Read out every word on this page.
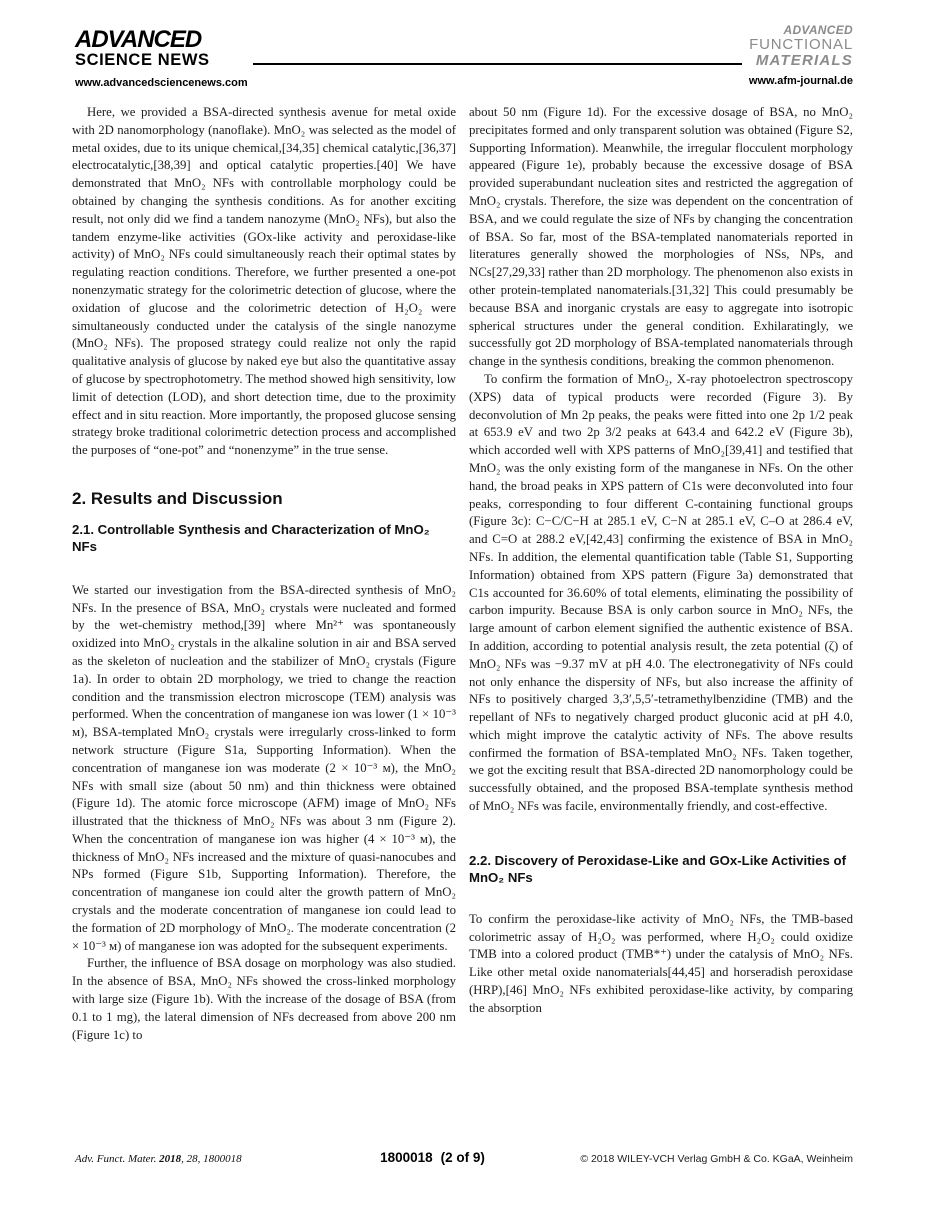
ADVANCED
SCIENCE NEWS
www.advancedsciencenews.com
ADVANCED
FUNCTIONAL
MATERIALS
www.afm-journal.de

Here, we provided a BSA-directed synthesis avenue for metal oxide with 2D nanomorphology (nanoflake). MnO₂ was selected as the model of metal oxides, due to its unique chemical,[34,35] chemical catalytic,[36,37] electrocatalytic,[38,39] and optical catalytic properties.[40] We have demonstrated that MnO₂ NFs with controllable morphology could be obtained by changing the synthesis conditions. As for another exciting result, not only did we find a tandem nanozyme (MnO₂ NFs), but also the tandem enzyme-like activities (GOx-like activity and peroxidase-like activity) of MnO₂ NFs could simultaneously reach their optimal states by regulating reaction conditions. Therefore, we further presented a one-pot nonenzymatic strategy for the colorimetric detection of glucose, where the oxidation of glucose and the colorimetric detection of H₂O₂ were simultaneously conducted under the catalysis of the single nanozyme (MnO₂ NFs). The proposed strategy could realize not only the rapid qualitative analysis of glucose by naked eye but also the quantitative assay of glucose by spectrophotometry. The method showed high sensitivity, low limit of detection (LOD), and short detection time, due to the proximity effect and in situ reaction. More importantly, the proposed glucose sensing strategy broke traditional colorimetric detection process and accomplished the purposes of “one-pot” and “nonenzyme” in the true sense.

2. Results and Discussion
2.1. Controllable Synthesis and Characterization of MnO₂ NFs

We started our investigation from the BSA-directed synthesis of MnO₂ NFs. In the presence of BSA, MnO₂ crystals were nucleated and formed by the wet-chemistry method,[39] where Mn²⁺ was spontaneously oxidized into MnO₂ crystals in the alkaline solution in air and BSA served as the skeleton of nucleation and the stabilizer of MnO₂ crystals (Figure 1a). In order to obtain 2D morphology, we tried to change the reaction condition and the transmission electron microscope (TEM) analysis was performed. When the concentration of manganese ion was lower (1 × 10⁻³ ᴍ), BSA-templated MnO₂ crystals were irregularly cross-linked to form network structure (Figure S1a, Supporting Information). When the concentration of manganese ion was moderate (2 × 10⁻³ ᴍ), the MnO₂ NFs with small size (about 50 nm) and thin thickness were obtained (Figure 1d). The atomic force microscope (AFM) image of MnO₂ NFs illustrated that the thickness of MnO₂ NFs was about 3 nm (Figure 2). When the concentration of manganese ion was higher (4 × 10⁻³ ᴍ), the thickness of MnO₂ NFs increased and the mixture of quasi-nanocubes and NPs formed (Figure S1b, Supporting Information). Therefore, the concentration of manganese ion could alter the growth pattern of MnO₂ crystals and the moderate concentration of manganese ion could lead to the formation of 2D morphology of MnO₂. The moderate concentration (2 × 10⁻³ ᴍ) of manganese ion was adopted for the subsequent experiments.

Further, the influence of BSA dosage on morphology was also studied. In the absence of BSA, MnO₂ NFs showed the cross-linked morphology with large size (Figure 1b). With the increase of the dosage of BSA (from 0.1 to 1 mg), the lateral dimension of NFs decreased from above 200 nm (Figure 1c) to

about 50 nm (Figure 1d). For the excessive dosage of BSA, no MnO₂ precipitates formed and only transparent solution was obtained (Figure S2, Supporting Information). Meanwhile, the irregular flocculent morphology appeared (Figure 1e), probably because the excessive dosage of BSA provided superabundant nucleation sites and restricted the aggregation of MnO₂ crystals. Therefore, the size was dependent on the concentration of BSA, and we could regulate the size of NFs by changing the concentration of BSA. So far, most of the BSA-templated nanomaterials reported in literatures generally showed the morphologies of NSs, NPs, and NCs[27,29,33] rather than 2D morphology. The phenomenon also exists in other protein-templated nanomaterials.[31,32] This could presumably be because BSA and inorganic crystals are easy to aggregate into isotropic spherical structures under the general condition. Exhilaratingly, we successfully got 2D morphology of BSA-templated nanomaterials through change in the synthesis conditions, breaking the common phenomenon.

To confirm the formation of MnO₂, X-ray photoelectron spectroscopy (XPS) data of typical products were recorded (Figure 3). By deconvolution of Mn 2p peaks, the peaks were fitted into one 2p 1/2 peak at 653.9 eV and two 2p 3/2 peaks at 643.4 and 642.2 eV (Figure 3b), which accorded well with XPS patterns of MnO₂[39,41] and testified that MnO₂ was the only existing form of the manganese in NFs. On the other hand, the broad peaks in XPS pattern of C1s were deconvoluted into four peaks, corresponding to four different C-containing functional groups (Figure 3c): C−C/C−H at 285.1 eV, C−N at 285.1 eV, C–O at 286.4 eV, and C=O at 288.2 eV,[42,43] confirming the existence of BSA in MnO₂ NFs. In addition, the elemental quantification table (Table S1, Supporting Information) obtained from XPS pattern (Figure 3a) demonstrated that C1s accounted for 36.60% of total elements, eliminating the possibility of carbon impurity. Because BSA is only carbon source in MnO₂ NFs, the large amount of carbon element signified the authentic existence of BSA. In addition, according to potential analysis result, the zeta potential (ζ) of MnO₂ NFs was −9.37 mV at pH 4.0. The electronegativity of NFs could not only enhance the dispersity of NFs, but also increase the affinity of NFs to positively charged 3,3′,5,5′-tetramethylbenzidine (TMB) and the repellant of NFs to negatively charged product gluconic acid at pH 4.0, which might improve the catalytic activity of NFs. The above results confirmed the formation of BSA-templated MnO₂ NFs. Taken together, we got the exciting result that BSA-directed 2D nanomorphology could be successfully obtained, and the proposed BSA-template synthesis method of MnO₂ NFs was facile, environmentally friendly, and cost-effective.

2.2. Discovery of Peroxidase-Like and GOx-Like Activities of MnO₂ NFs

To confirm the peroxidase-like activity of MnO₂ NFs, the TMB-based colorimetric assay of H₂O₂ was performed, where H₂O₂ could oxidize TMB into a colored product (TMB*⁺) under the catalysis of MnO₂ NFs. Like other metal oxide nanomaterials[44,45] and horseradish peroxidase (HRP),[46] MnO₂ NFs exhibited peroxidase-like activity, by comparing the absorption

Adv. Funct. Mater. 2018, 28, 1800018	1800018 (2 of 9)	© 2018 WILEY-VCH Verlag GmbH & Co. KGaA, Weinheim
